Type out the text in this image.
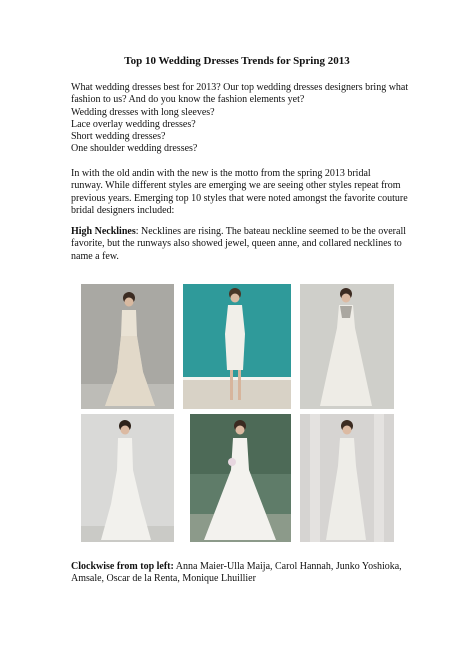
Top 10 Wedding Dresses Trends for Spring 2013
What wedding dresses best for 2013? Our top wedding dresses designers bring what
fashion to us? And do you know the fashion elements yet?
Wedding dresses with long sleeves?
Lace overlay wedding dresses?
Short wedding dresses?
One shoulder wedding dresses?
In with the old andin with the new is the motto from the spring 2013 bridal
runway. While different styles are emerging we are seeing other styles repeat from
previous years. Emerging top 10 styles that were noted amongst the favorite couture
bridal designers included:
High Necklines: Necklines are rising. The bateau neckline seemed to be the overall
favorite, but the runways also showed jewel, queen anne, and collared necklines to
name a few.
Clockwise from top left: Anna Maier-Ulla Maija, Carol Hannah, Junko Yoshioka,
Amsale, Oscar de la Renta, Monique Lhuillier
